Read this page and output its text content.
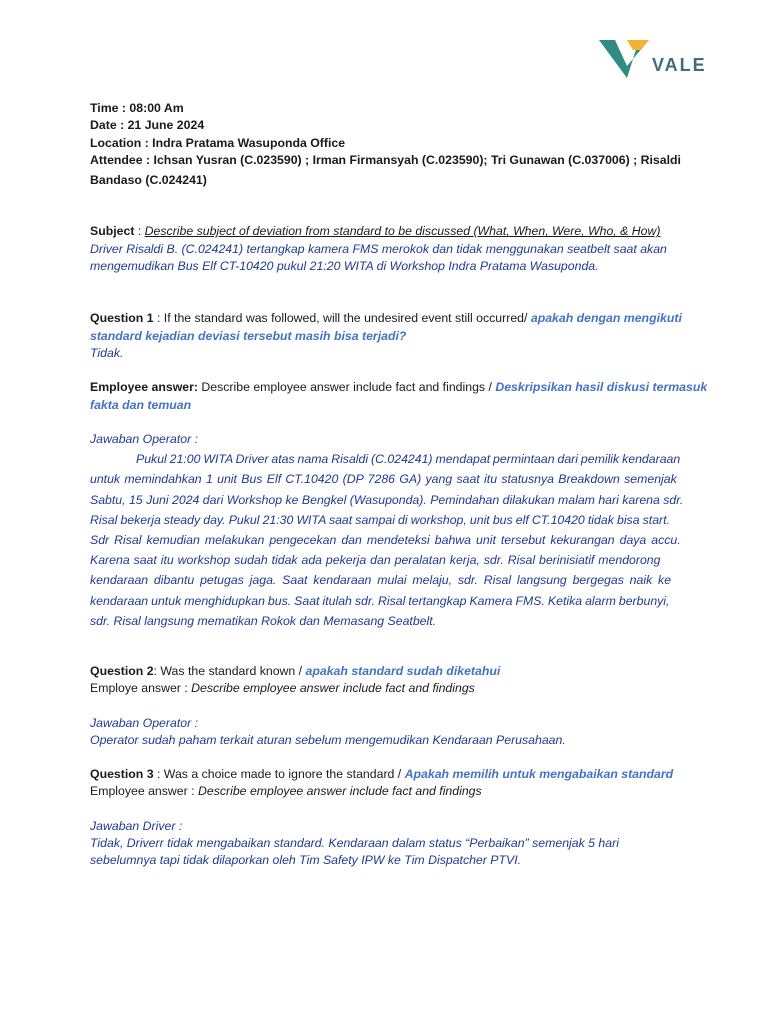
VALE
Time : 08:00 Am
Date : 21 June 2024
Location : Indra Pratama Wasuponda Office
Attendee : Ichsan Yusran (C.023590) ; Irman Firmansyah (C.023590); Tri Gunawan (C.037006) ; Risaldi
Bandaso (C.024241)
Subject : Describe subject of deviation from standard to be discussed (What, When, Were, Who, & How)
Driver Risaldi B. (C.024241) tertangkap kamera FMS merokok dan tidak menggunakan seatbelt saat akan
mengemudikan Bus Elf CT-10420 pukul 21:20 WITA di Workshop Indra Pratama Wasuponda.
Question 1 : If the standard was followed, will the undesired event still occurred/ apakah dengan mengikuti
standard kejadian deviasi tersebut masih bisa terjadi?
Tidak.
Employee answer: Describe employee answer include fact and findings / Deskripsikan hasil diskusi termasuk
fakta dan temuan
Jawaban Operator :
Pukul 21:00 WITA Driver atas nama Risaldi (C.024241) mendapat permintaan dari pemilik kendaraan
untuk memindahkan 1 unit Bus Elf CT.10420 (DP 7286 GA) yang saat itu statusnya Breakdown semenjak
Sabtu, 15 Juni 2024 dari Workshop ke Bengkel (Wasuponda). Pemindahan dilakukan malam hari karena sdr.
Risal bekerja steady day. Pukul 21:30 WITA saat sampai di workshop, unit bus elf CT.10420 tidak bisa start.
Sdr Risal kemudian melakukan pengecekan dan mendeteksi bahwa unit tersebut kekurangan daya accu.
Karena saat itu workshop sudah tidak ada pekerja dan peralatan kerja, sdr. Risal berinisiatif mendorong
kendaraan dibantu petugas jaga. Saat kendaraan mulai melaju, sdr. Risal langsung bergegas naik ke
kendaraan untuk menghidupkan bus. Saat itulah sdr. Risal tertangkap Kamera FMS. Ketika alarm berbunyi,
sdr. Risal langsung mematikan Rokok dan Memasang Seatbelt.
Question 2: Was the standard known / apakah standard sudah diketahui
Employe answer : Describe employee answer include fact and findings
Jawaban Operator :
Operator sudah paham terkait aturan sebelum mengemudikan Kendaraan Perusahaan.
Question 3 : Was a choice made to ignore the standard / Apakah memilih untuk mengabaikan standard
Employee answer : Describe employee answer include fact and findings
Jawaban Driver :
Tidak, Driverr tidak mengabaikan standard. Kendaraan dalam status “Perbaikan” semenjak 5 hari
sebelumnya tapi tidak dilaporkan oleh Tim Safety IPW ke Tim Dispatcher PTVI.
